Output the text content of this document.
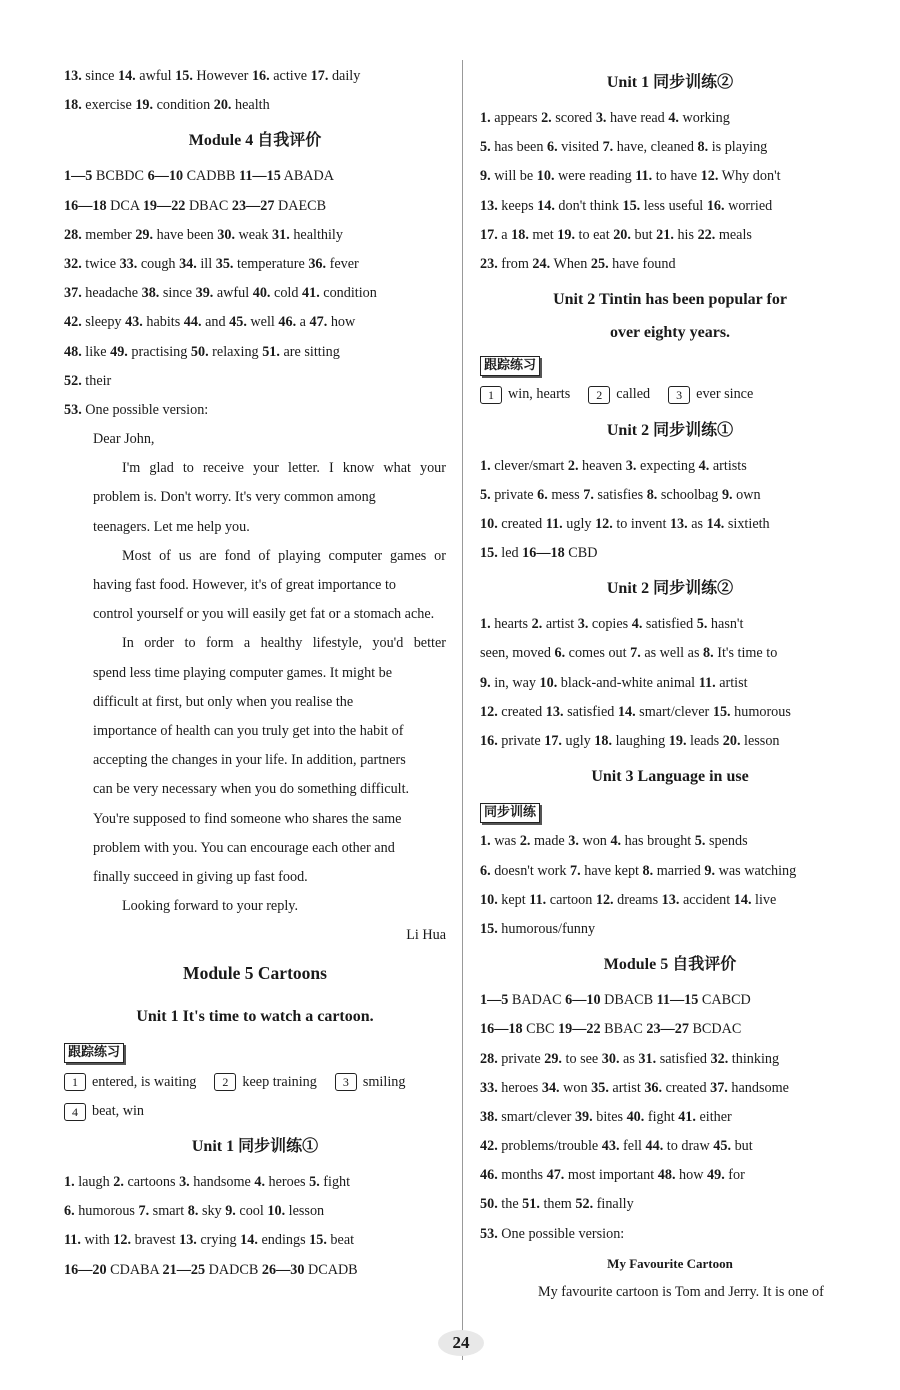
13. since 14. awful 15. However 16. active 17. daily
18. exercise 19. condition 20. health
Module 4 自我评价
1—5 BCBDC 6—10 CADBB 11—15 ABADA
16—18 DCA 19—22 DBAC 23—27 DAECB
28. member 29. have been 30. weak 31. healthily
32. twice 33. cough 34. ill 35. temperature 36. fever
37. headache 38. since 39. awful 40. cold 41. condition
42. sleepy 43. habits 44. and 45. well 46. a 47. how
48. like 49. practising 50. relaxing 51. are sitting
52. their
53. One possible version:
Dear John,
I'm glad to receive your letter. I know what your
problem is. Don't worry. It's very common among
teenagers. Let me help you.
Most of us are fond of playing computer games or
having fast food. However, it's of great importance to
control yourself or you will easily get fat or a stomach ache.
In order to form a healthy lifestyle, you'd better
spend less time playing computer games. It might be
difficult at first, but only when you realise the
importance of health can you truly get into the habit of
accepting the changes in your life. In addition, partners
can be very necessary when you do something difficult.
You're supposed to find someone who shares the same
problem with you. You can encourage each other and
finally succeed in giving up fast food.
Looking forward to your reply.
Li Hua
Module 5 Cartoons
Unit 1 It's time to watch a cartoon.
跟踪练习
1 entered, is waiting 2 keep training 3 smiling
4 beat, win
Unit 1 同步训练①
1. laugh 2. cartoons 3. handsome 4. heroes 5. fight
6. humorous 7. smart 8. sky 9. cool 10. lesson
11. with 12. bravest 13. crying 14. endings 15. beat
16—20 CDABA 21—25 DADCB 26—30 DCADB
Unit 1 同步训练②
1. appears 2. scored 3. have read 4. working
5. has been 6. visited 7. have, cleaned 8. is playing
9. will be 10. were reading 11. to have 12. Why don't
13. keeps 14. don't think 15. less useful 16. worried
17. a 18. met 19. to eat 20. but 21. his 22. meals
23. from 24. When 25. have found
Unit 2 Tintin has been popular for
over eighty years.
跟踪练习
1 win, hearts 2 called 3 ever since
Unit 2 同步训练①
1. clever/smart 2. heaven 3. expecting 4. artists
5. private 6. mess 7. satisfies 8. schoolbag 9. own
10. created 11. ugly 12. to invent 13. as 14. sixtieth
15. led 16—18 CBD
Unit 2 同步训练②
1. hearts 2. artist 3. copies 4. satisfied 5. hasn't
seen, moved 6. comes out 7. as well as 8. It's time to
9. in, way 10. black-and-white animal 11. artist
12. created 13. satisfied 14. smart/clever 15. humorous
16. private 17. ugly 18. laughing 19. leads 20. lesson
Unit 3 Language in use
同步训练
1. was 2. made 3. won 4. has brought 5. spends
6. doesn't work 7. have kept 8. married 9. was watching
10. kept 11. cartoon 12. dreams 13. accident 14. live
15. humorous/funny
Module 5 自我评价
1—5 BADAC 6—10 DBACB 11—15 CABCD
16—18 CBC 19—22 BBAC 23—27 BCDAC
28. private 29. to see 30. as 31. satisfied 32. thinking
33. heroes 34. won 35. artist 36. created 37. handsome
38. smart/clever 39. bites 40. fight 41. either
42. problems/trouble 43. fell 44. to draw 45. but
46. months 47. most important 48. how 49. for
50. the 51. them 52. finally
53. One possible version:
My Favourite Cartoon
My favourite cartoon is Tom and Jerry. It is one of
24
